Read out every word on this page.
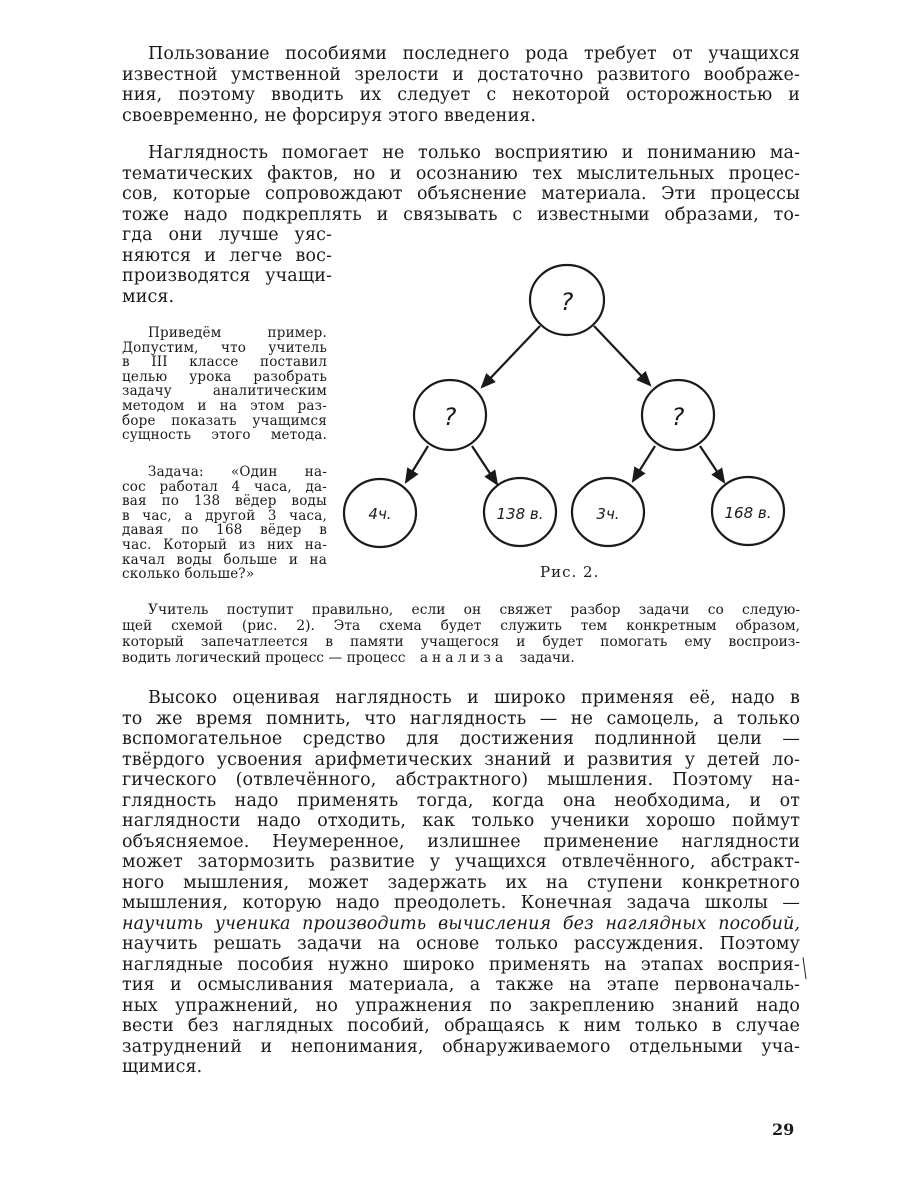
Пользование пособиями последнего рода требует от учащихся
известной умственной зрелости и достаточно развитого воображе-
ния, поэтому вводить их следует с некоторой осторожностью и
своевременно, не форсируя этого введения.
Наглядность помогает не только восприятию и пониманию ма-
тематических фактов, но и осознанию тех мыслительных процес-
сов, которые сопровождают объяснение материала. Эти процессы
тоже надо подкреплять и связывать с известными образами, то-
гда они лучше уяс-
няются и легче вос-
производятся учащи-
мися.
Приведём пример.
Допустим, что учитель
в III классе поставил
целью урока разобрать
задачу аналитическим
методом и на этом раз-
боре показать учащимся
сущность этого метода.
Задача: «Один на-
сос работал 4 часа, да-
вая по 138 вёдер воды
в час, а другой 3 часа,
давая по 168 вёдер в
час. Который из них на-
качал воды больше и на
сколько больше?»
?
?	?
4ч.	138 в.	3ч.	168 в.
Рис. 2.
Учитель поступит правильно, если он свяжет разбор задачи со следую-
щей схемой (рис. 2). Эта схема будет служить тем конкретным образом,
который запечатлеется в памяти учащегося и будет помогать ему воспроиз-
водить логический процесс — процесс анализа задачи.
Высоко оценивая наглядность и широко применяя её, надо в
то же время помнить, что наглядность — не самоцель, а только
вспомогательное средство для достижения подлинной цели —
твёрдого усвоения арифметических знаний и развития у детей ло-
гического (отвлечённого, абстрактного) мышления. Поэтому на-
глядность надо применять тогда, когда она необходима, и от
наглядности надо отходить, как только ученики хорошо поймут
объясняемое. Неумеренное, излишнее применение наглядности
может затормозить развитие у учащихся отвлечённого, абстракт-
ного мышления, может задержать их на ступени конкретного
мышления, которую надо преодолеть. Конечная задача школы —
научить ученика производить вычисления без наглядных пособий,
научить решать задачи на основе только рассуждения. Поэтому
наглядные пособия нужно широко применять на этапах восприя-
тия и осмысливания материала, а также на этапе первоначаль-
ных упражнений, но упражнения по закреплению знаний надо
вести без наглядных пособий, обращаясь к ним только в случае
затруднений и непонимания, обнаруживаемого отдельными уча-
щимися.
29
